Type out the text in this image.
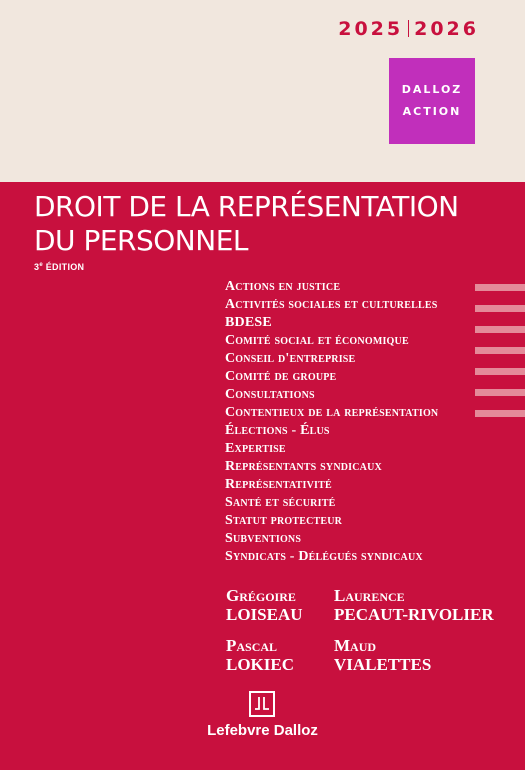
2025 2026
DALLOZ
ACTION
DROIT DE LA REPRÉSENTATION
DU PERSONNEL
3e ÉDITION
Actions en justice
Activités sociales et culturelles
BDESE
Comité social et économique
Conseil d'entreprise
Comité de groupe
Consultations
Contentieux de la représentation
Élections - Élus
Expertise
Représentants syndicaux
Représentativité
Santé et sécurité
Statut protecteur
Subventions
Syndicats - Délégués syndicaux
Grégoire
LOISEAU
Laurence
PECAUT-RIVOLIER
Pascal
LOKIEC
Maud
VIALETTES
Lefebvre Dalloz
